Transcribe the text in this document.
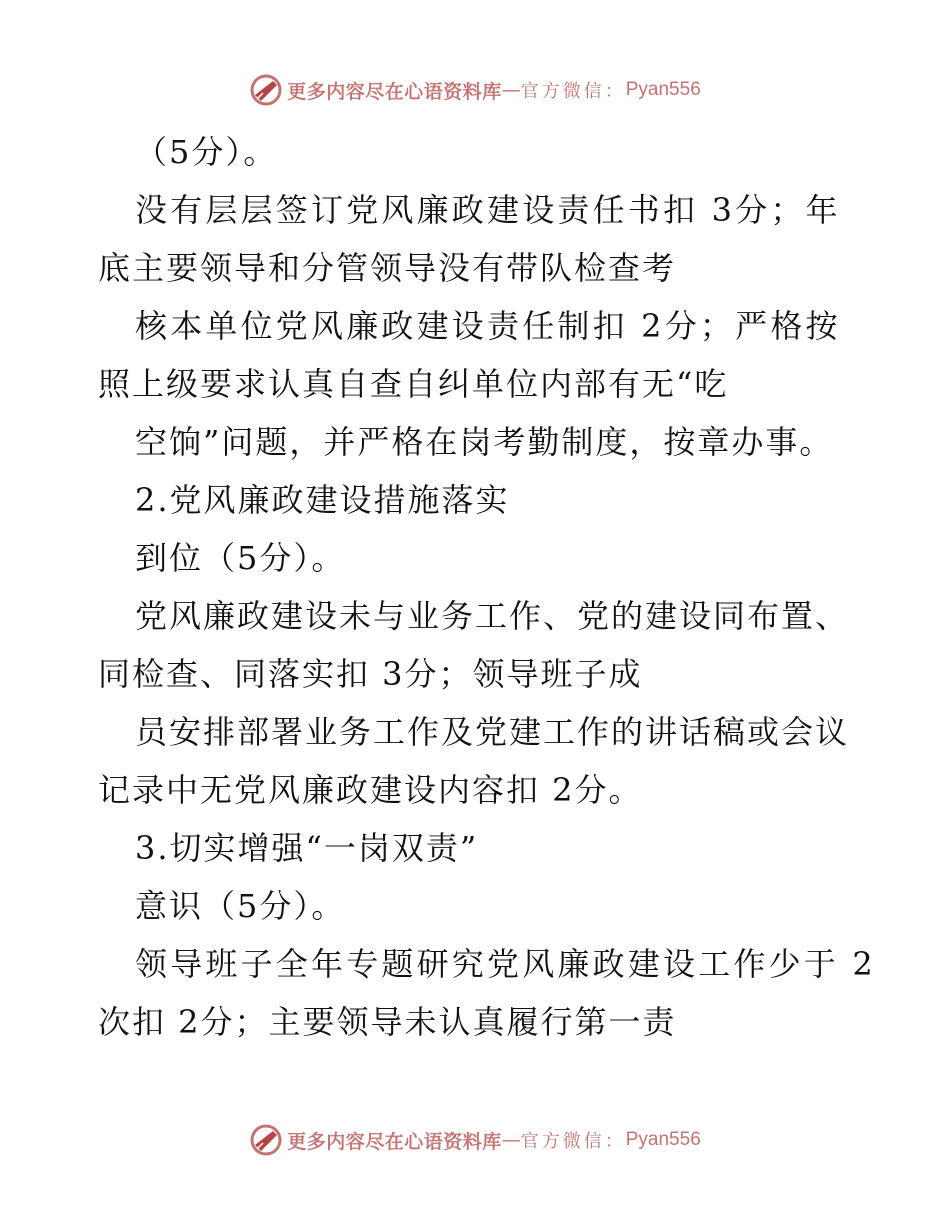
更多内容尽在心语资料库 — 官方微信： Pyan556
（5分）。
没有层层签订党风廉政建设责任书扣 3分；年
底主要领导和分管领导没有带队检查考
核本单位党风廉政建设责任制扣 2分；严格按
照上级要求认真自查自纠单位内部有无“吃
空饷”问题，并严格在岗考勤制度，按章办事。
2.党风廉政建设措施落实
到位（5分）。
党风廉政建设未与业务工作、党的建设同布置、
同检查、同落实扣 3分；领导班子成
员安排部署业务工作及党建工作的讲话稿或会议
记录中无党风廉政建设内容扣 2分。
3.切实增强“一岗双责”
意识（5分）。
领导班子全年专题研究党风廉政建设工作少于 2
次扣 2分；主要领导未认真履行第一责
更多内容尽在心语资料库 — 官方微信： Pyan556
